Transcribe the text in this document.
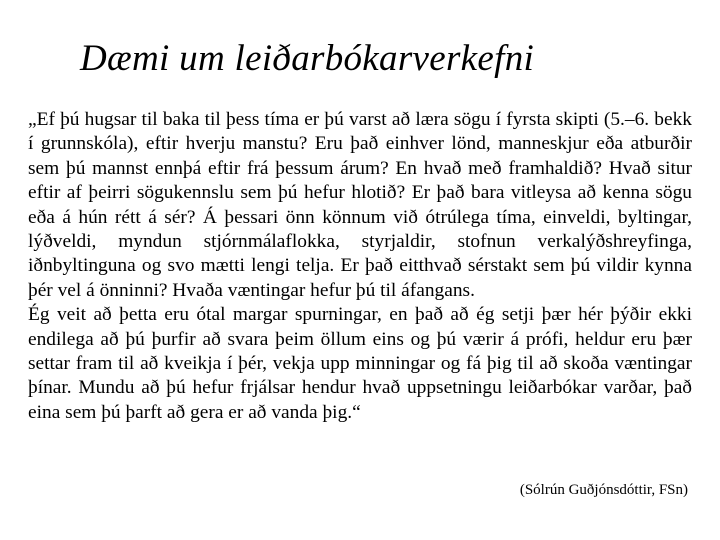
Dæmi um leiðarbókarverkefni

„Ef þú hugsar til baka til þess tíma er þú varst að læra sögu í fyrsta skipti (5.–6. bekk í grunnskóla), eftir hverju manstu? Eru það einhver lönd, manneskjur eða atburðir sem þú mannst ennþá eftir frá þessum árum? En hvað með framhaldið? Hvað situr eftir af þeirri sögukennslu sem þú hefur hlotið? Er það bara vitleysa að kenna sögu eða á hún rétt á sér? Á þessari önn könnum við ótrúlega tíma, einveldi, byltingar, lýðveldi, myndun stjórnmálaflokka, styrjaldir, stofnun verkalýðshreyfinga, iðnbyltinguna og svo mætti lengi telja. Er það eitthvað sérstakt sem þú vildir kynna þér vel á önninni? Hvaða væntingar hefur þú til áfangans.

Ég veit að þetta eru ótal margar spurningar, en það að ég setji þær hér þýðir ekki endilega að þú þurfir að svara þeim öllum eins og þú værir á prófi, heldur eru þær settar fram til að kveikja í þér, vekja upp minningar og fá þig til að skoða væntingar þínar. Mundu að þú hefur frjálsar hendur hvað uppsetningu leiðarbókar varðar, það eina sem þú þarft að gera er að vanda þig.“

(Sólrún Guðjónsdóttir, FSn)
